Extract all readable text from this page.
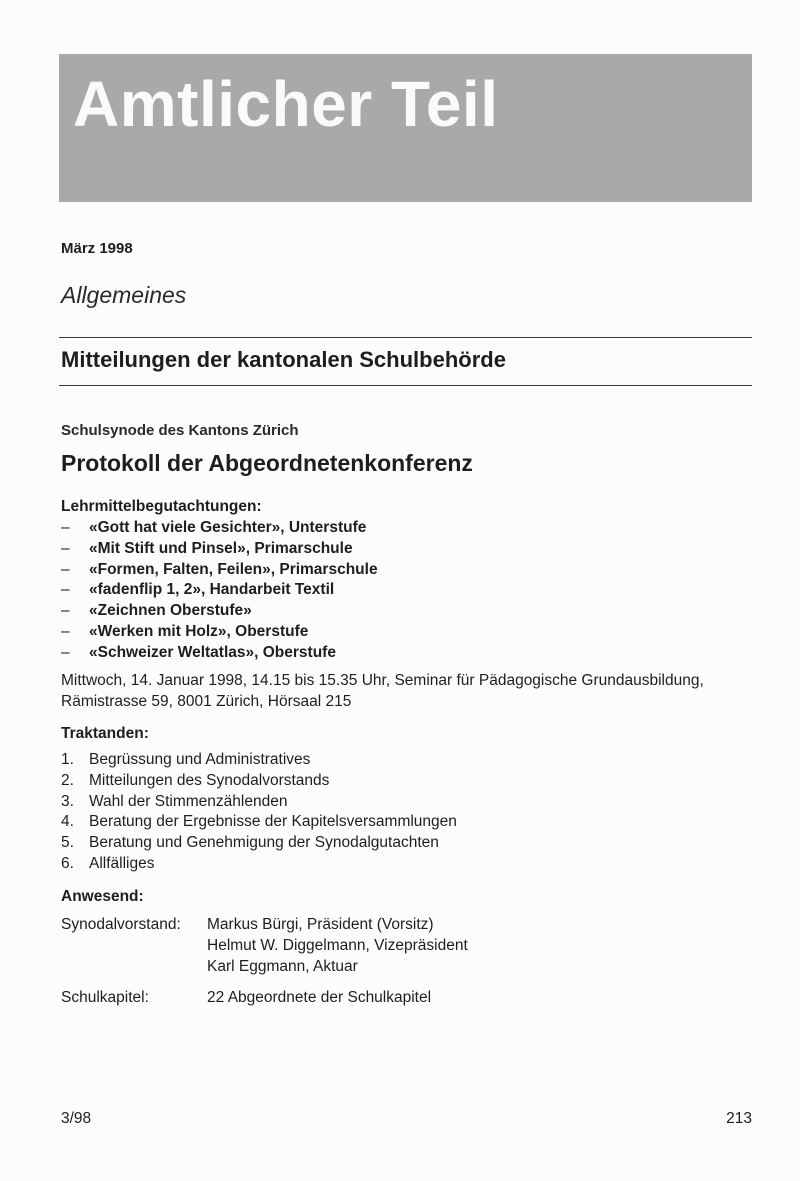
Amtlicher Teil
März 1998
Allgemeines
Mitteilungen der kantonalen Schulbehörde
Schulsynode des Kantons Zürich
Protokoll der Abgeordnetenkonferenz
Lehrmittelbegutachtungen:
– «Gott hat viele Gesichter», Unterstufe
– «Mit Stift und Pinsel», Primarschule
– «Formen, Falten, Feilen», Primarschule
– «fadenflip 1, 2», Handarbeit Textil
– «Zeichnen Oberstufe»
– «Werken mit Holz», Oberstufe
– «Schweizer Weltatlas», Oberstufe
Mittwoch, 14. Januar 1998, 14.15 bis 15.35 Uhr, Seminar für Pädagogische Grundausbildung,
Rämistrasse 59, 8001 Zürich, Hörsaal 215
Traktanden:
1. Begrüssung und Administratives
2. Mitteilungen des Synodalvorstands
3. Wahl der Stimmenzählenden
4. Beratung der Ergebnisse der Kapitelsversammlungen
5. Beratung und Genehmigung der Synodalgutachten
6. Allfälliges
Anwesend:
Synodalvorstand: Markus Bürgi, Präsident (Vorsitz)
Helmut W. Diggelmann, Vizepräsident
Karl Eggmann, Aktuar
Schulkapitel:	22 Abgeordnete der Schulkapitel
3/98	213
